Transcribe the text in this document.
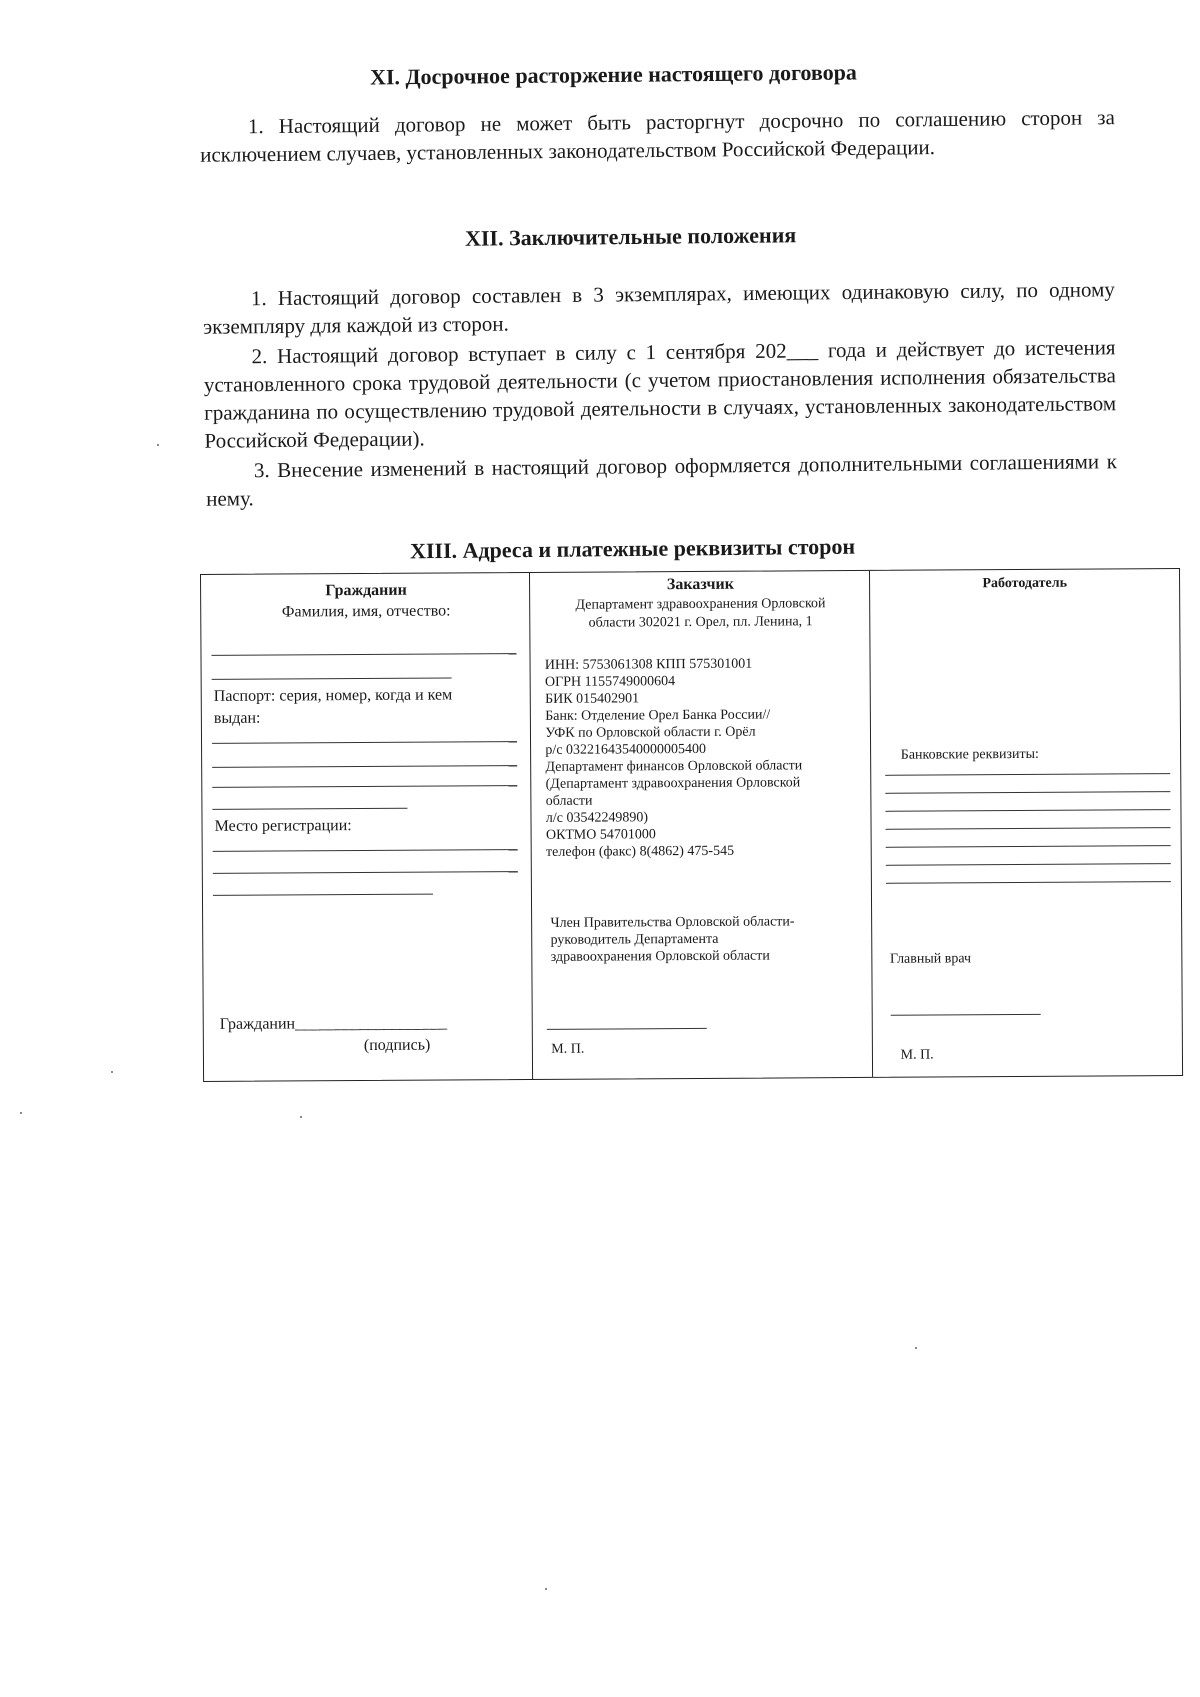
XI. Досрочное расторжение настоящего договора

1. Настоящий договор не может быть расторгнут досрочно по соглашению сторон за исключением случаев, установленных законодательством Российской Федерации.

XII. Заключительные положения

1. Настоящий договор составлен в 3 экземплярах, имеющих одинаковую силу, по одному экземпляру для каждой из сторон.

2. Настоящий договор вступает в силу с 1 сентября 202___ года и действует до истечения установленного срока трудовой деятельности (с учетом приостановления исполнения обязательства гражданина по осуществлению трудовой деятельности в случаях, установленных законодательством Российской Федерации).

3. Внесение изменений в настоящий договор оформляется дополнительными соглашениями к нему.

XIII. Адреса и платежные реквизиты сторон

Гражданин

Фамилия, имя, отчество:

Паспорт: серия, номер, когда и кем

выдан:

Место регистрации:

Гражданин___________________

(подпись)

Заказчик

Департамент здравоохранения Орловской

области 302021 г. Орел, пл. Ленина, 1

ИНН: 5753061308 КПП 575301001

ОГРН 1155749000604

БИК 015402901

Банк: Отделение Орел Банка России//

УФК по Орловской области г. Орёл

р/с 03221643540000005400

Департамент финансов Орловской области

(Департамент здравоохранения Орловской

области

л/с 03542249890)

ОКТМО 54701000

телефон (факс) 8(4862) 475-545

Член Правительства Орловской области-

руководитель Департамента

здравоохранения Орловской области

М. П.

Работодатель

Банковские реквизиты:

Главный врач

М. П.
